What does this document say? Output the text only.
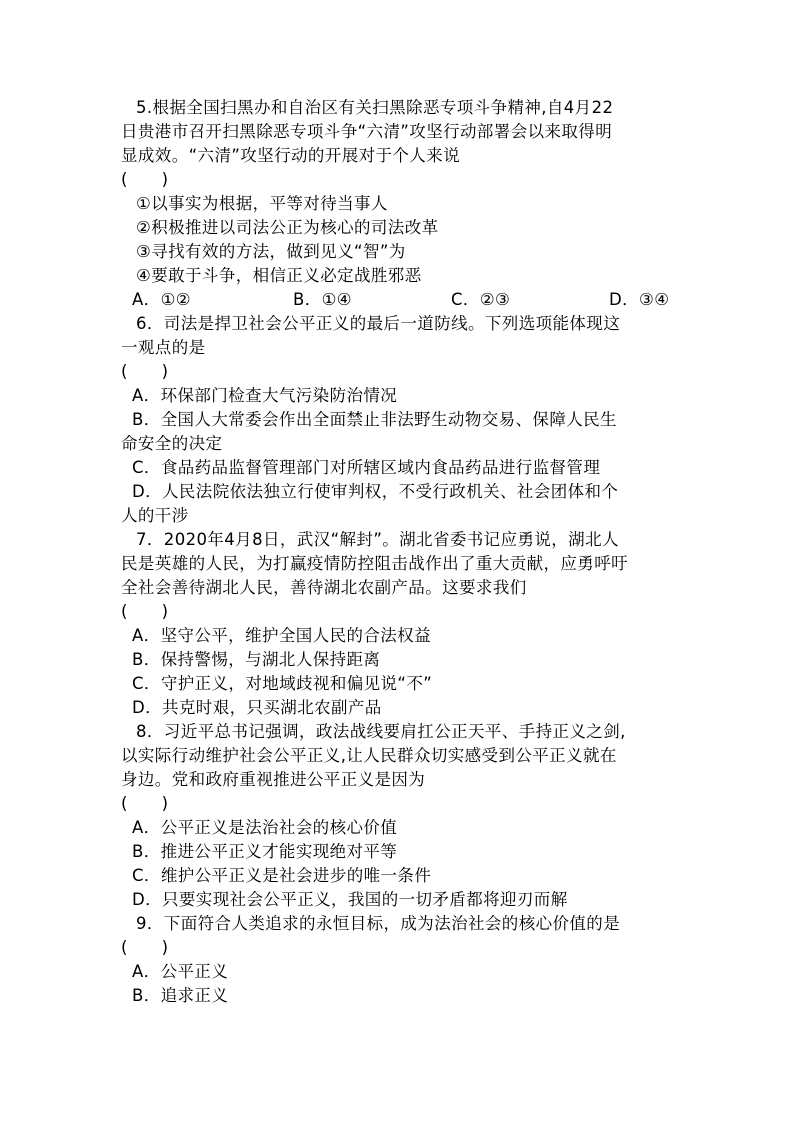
5.根据全国扫黑办和自治区有关扫黑除恶专项斗争精神,自4月22
日贵港市召开扫黑除恶专项斗争“六清”攻坚行动部署会以来取得明
显成效。“六清”攻坚行动的开展对于个人来说
(　　)
①以事实为根据，平等对待当事人
②积极推进以司法公正为核心的司法改革
③寻找有效的方法，做到见义“智”为
④要敢于斗争，相信正义必定战胜邪恶
A．①②	B．①④	C．②③	D．③④
6．司法是捍卫社会公平正义的最后一道防线。下列选项能体现这
一观点的是
(　　)
A．环保部门检查大气污染防治情况
B．全国人大常委会作出全面禁止非法野生动物交易、保障人民生
命安全的决定
C．食品药品监督管理部门对所辖区域内食品药品进行监督管理
D．人民法院依法独立行使审判权，不受行政机关、社会团体和个
人的干涉
7．2020年4月8日，武汉“解封”。湖北省委书记应勇说，湖北人
民是英雄的人民，为打赢疫情防控阻击战作出了重大贡献，应勇呼吁
全社会善待湖北人民，善待湖北农副产品。这要求我们
(　　)
A．坚守公平，维护全国人民的合法权益
B．保持警惕，与湖北人保持距离
C．守护正义，对地域歧视和偏见说“不”
D．共克时艰，只买湖北农副产品
8．习近平总书记强调，政法战线要肩扛公正天平、手持正义之剑,
以实际行动维护社会公平正义,让人民群众切实感受到公平正义就在
身边。党和政府重视推进公平正义是因为
(　　)
A．公平正义是法治社会的核心价值
B．推进公平正义才能实现绝对平等
C．维护公平正义是社会进步的唯一条件
D．只要实现社会公平正义，我国的一切矛盾都将迎刃而解
9．下面符合人类追求的永恒目标，成为法治社会的核心价值的是
(　　)
A．公平正义
B．追求正义
